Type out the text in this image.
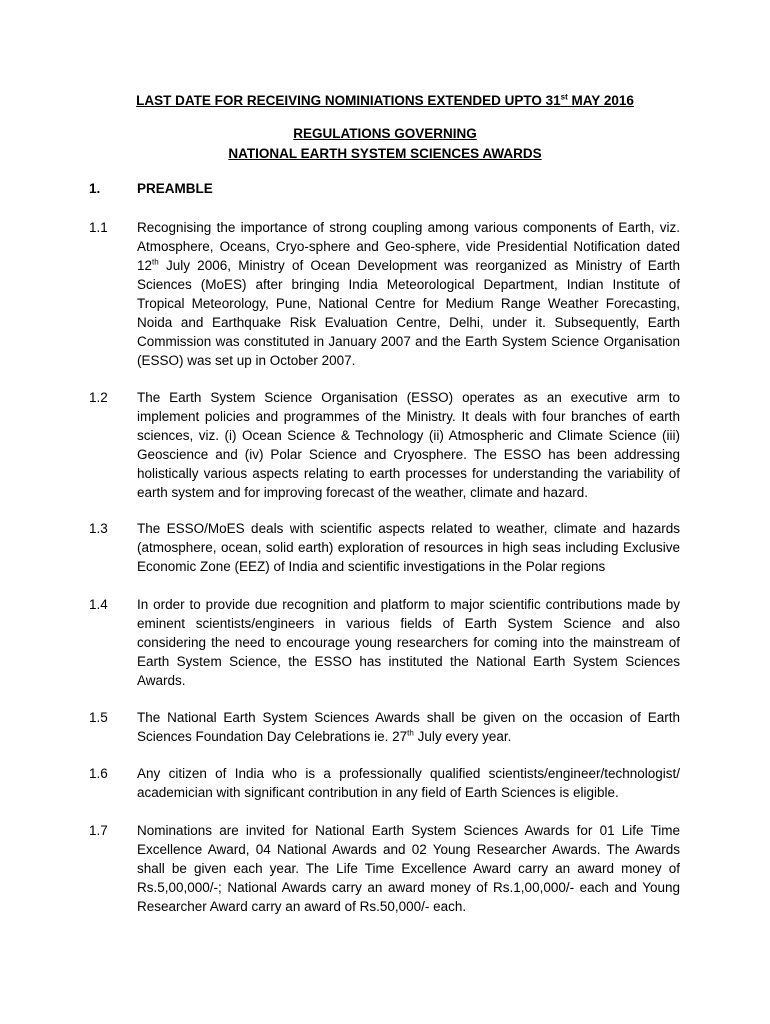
LAST DATE FOR RECEIVING NOMINIATIONS EXTENDED UPTO 31st MAY 2016
REGULATIONS GOVERNING
NATIONAL EARTH SYSTEM SCIENCES AWARDS
1.	PREAMBLE
1.1 Recognising the importance of strong coupling among various components of Earth, viz. Atmosphere, Oceans, Cryo-sphere and Geo-sphere, vide Presidential Notification dated 12th July 2006, Ministry of Ocean Development was reorganized as Ministry of Earth Sciences (MoES) after bringing India Meteorological Department, Indian Institute of Tropical Meteorology, Pune, National Centre for Medium Range Weather Forecasting, Noida and Earthquake Risk Evaluation Centre, Delhi, under it. Subsequently, Earth Commission was constituted in January 2007 and the Earth System Science Organisation (ESSO) was set up in October 2007.
1.2 The Earth System Science Organisation (ESSO) operates as an executive arm to implement policies and programmes of the Ministry. It deals with four branches of earth sciences, viz. (i) Ocean Science & Technology (ii) Atmospheric and Climate Science (iii) Geoscience and (iv) Polar Science and Cryosphere. The ESSO has been addressing holistically various aspects relating to earth processes for understanding the variability of earth system and for improving forecast of the weather, climate and hazard.
1.3 The ESSO/MoES deals with scientific aspects related to weather, climate and hazards (atmosphere, ocean, solid earth) exploration of resources in high seas including Exclusive Economic Zone (EEZ) of India and scientific investigations in the Polar regions
1.4 In order to provide due recognition and platform to major scientific contributions made by eminent scientists/engineers in various fields of Earth System Science and also considering the need to encourage young researchers for coming into the mainstream of Earth System Science, the ESSO has instituted the National Earth System Sciences Awards.
1.5 The National Earth System Sciences Awards shall be given on the occasion of Earth Sciences Foundation Day Celebrations ie. 27th July every year.
1.6 Any citizen of India who is a professionally qualified scientists/engineer/technologist/ academician with significant contribution in any field of Earth Sciences is eligible.
1.7 Nominations are invited for National Earth System Sciences Awards for 01 Life Time Excellence Award, 04 National Awards and 02 Young Researcher Awards. The Awards shall be given each year. The Life Time Excellence Award carry an award money of Rs.5,00,000/-; National Awards carry an award money of Rs.1,00,000/- each and Young Researcher Award carry an award of Rs.50,000/- each.
